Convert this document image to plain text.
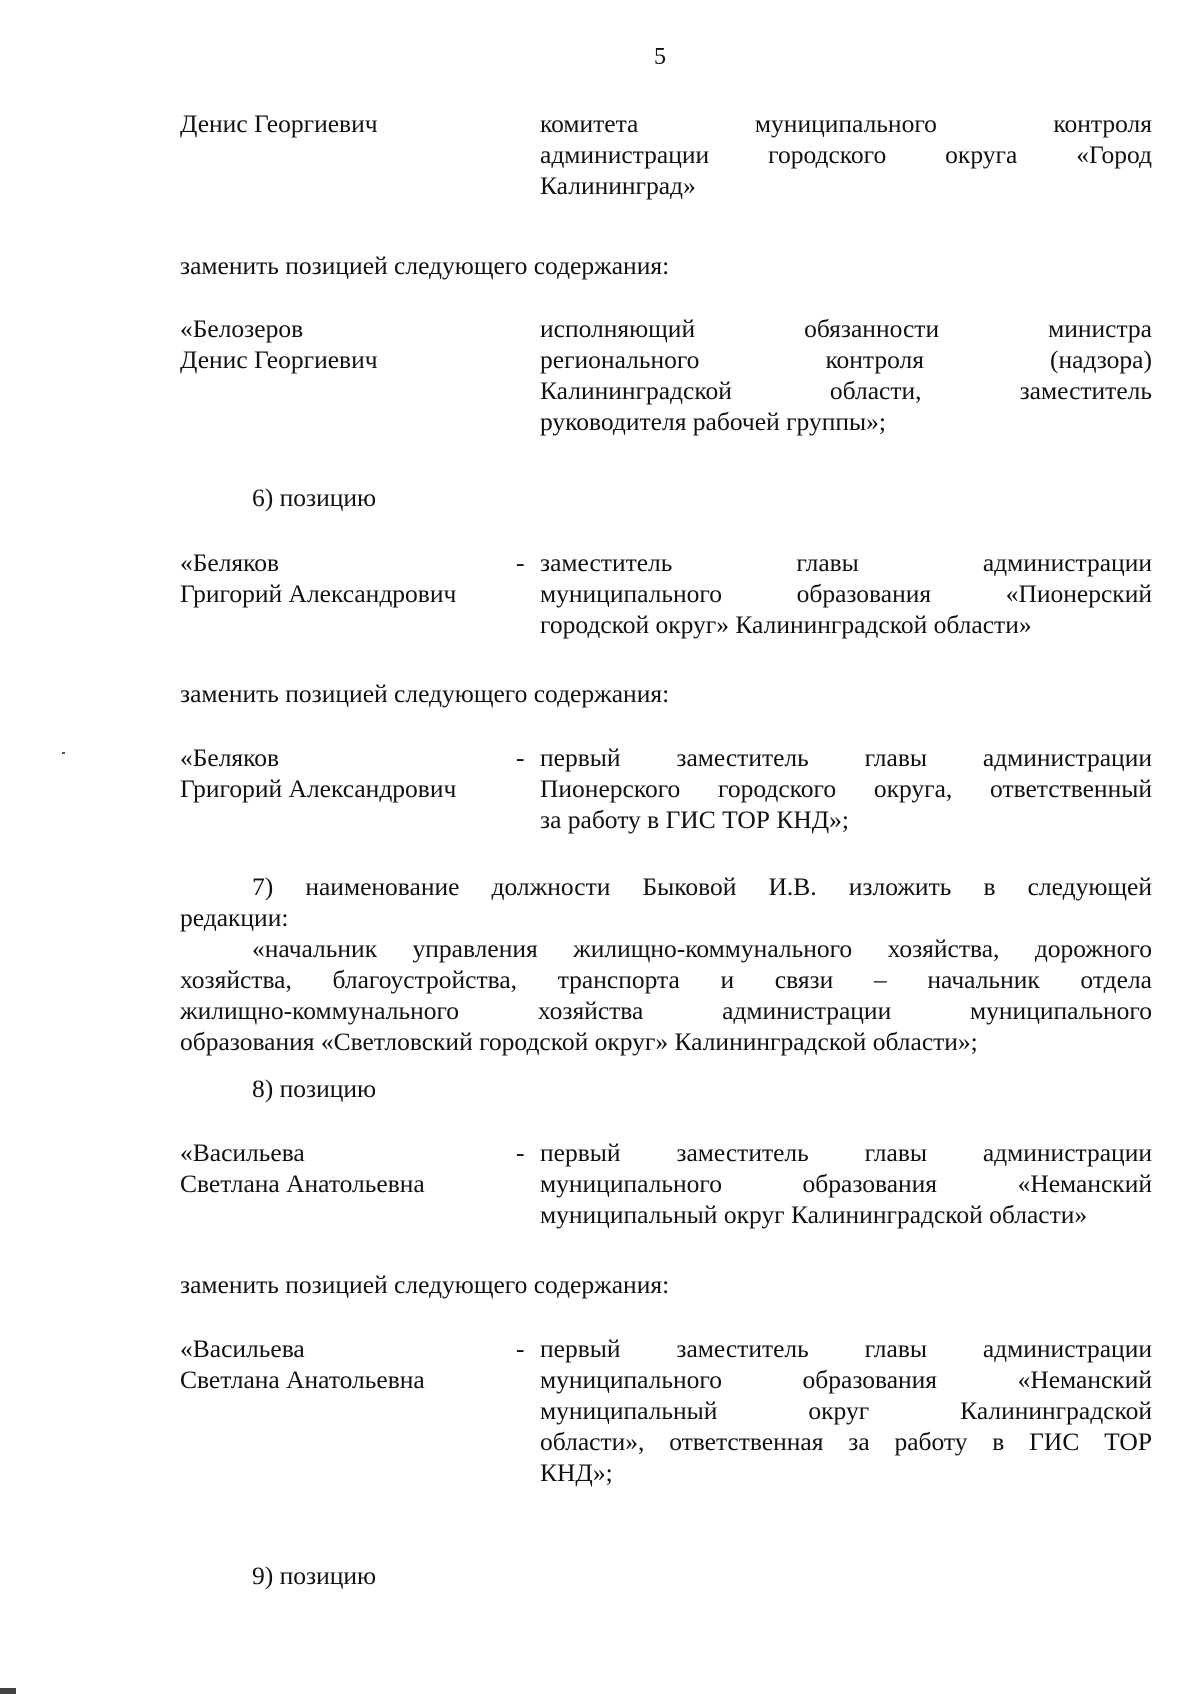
5
Денис Георгиевич	комитета муниципального контроля
администрации городского округа «Город
Калининград»
заменить позицией следующего содержания:
«Белозеров
Денис Георгиевич
исполняющий обязанности министра
регионального контроля (надзора)
Калининградской области, заместитель
руководителя рабочей группы»;
6) позицию
«Беляков
Григорий Александрович
- заместитель главы администрации
муниципального образования «Пионерский
городской округ» Калининградской области»
заменить позицией следующего содержания:
«Беляков
Григорий Александрович
- первый заместитель главы администрации
Пионерского городского округа, ответственный
за работу в ГИС ТОР КНД»;
7) наименование должности Быковой И.В. изложить в следующей
редакции:
«начальник управления жилищно-коммунального хозяйства, дорожного
хозяйства, благоустройства, транспорта и связи – начальник отдела
жилищно-коммунального хозяйства администрации муниципального
образования «Светловский городской округ» Калининградской области»;
8) позицию
«Васильева
Светлана Анатольевна
- первый заместитель главы администрации
муниципального образования «Неманский
муниципальный округ Калининградской области»
заменить позицией следующего содержания:
«Васильева
Светлана Анатольевна
- первый заместитель главы администрации
муниципального образования «Неманский
муниципальный округ Калининградской
области», ответственная за работу в ГИС ТОР
КНД»;
9) позицию
